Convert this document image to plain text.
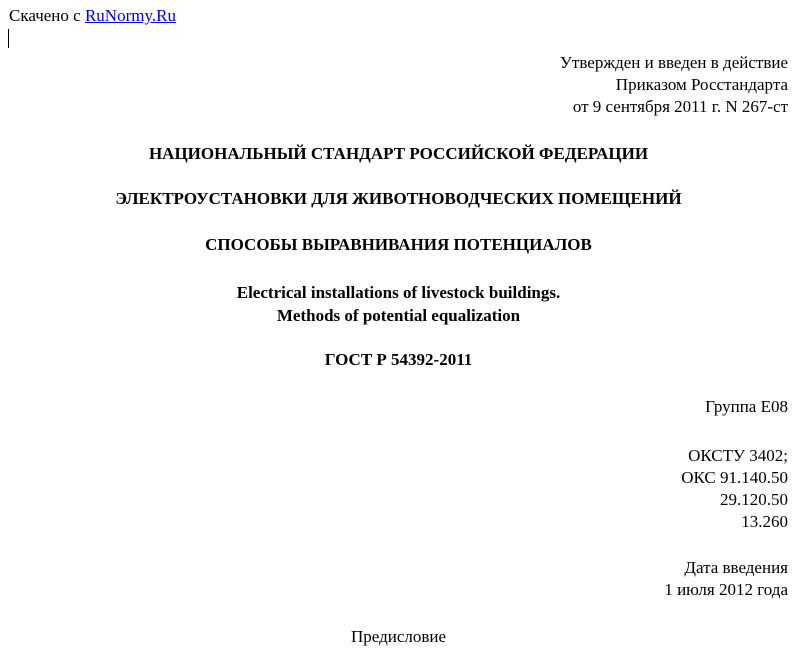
Скачено с RuNormy.Ru
Утвержден и введен в действие
Приказом Росстандарта
от 9 сентября 2011 г. N 267-ст
НАЦИОНАЛЬНЫЙ СТАНДАРТ РОССИЙСКОЙ ФЕДЕРАЦИИ
ЭЛЕКТРОУСТАНОВКИ ДЛЯ ЖИВОТНОВОДЧЕСКИХ ПОМЕЩЕНИЙ
СПОСОБЫ ВЫРАВНИВАНИЯ ПОТЕНЦИАЛОВ
Electrical installations of livestock buildings.
Methods of potential equalization
ГОСТ Р 54392-2011
Группа Е08
ОКСТУ 3402;
ОКС 91.140.50
29.120.50
13.260
Дата введения
1 июля 2012 года
Предисловие
